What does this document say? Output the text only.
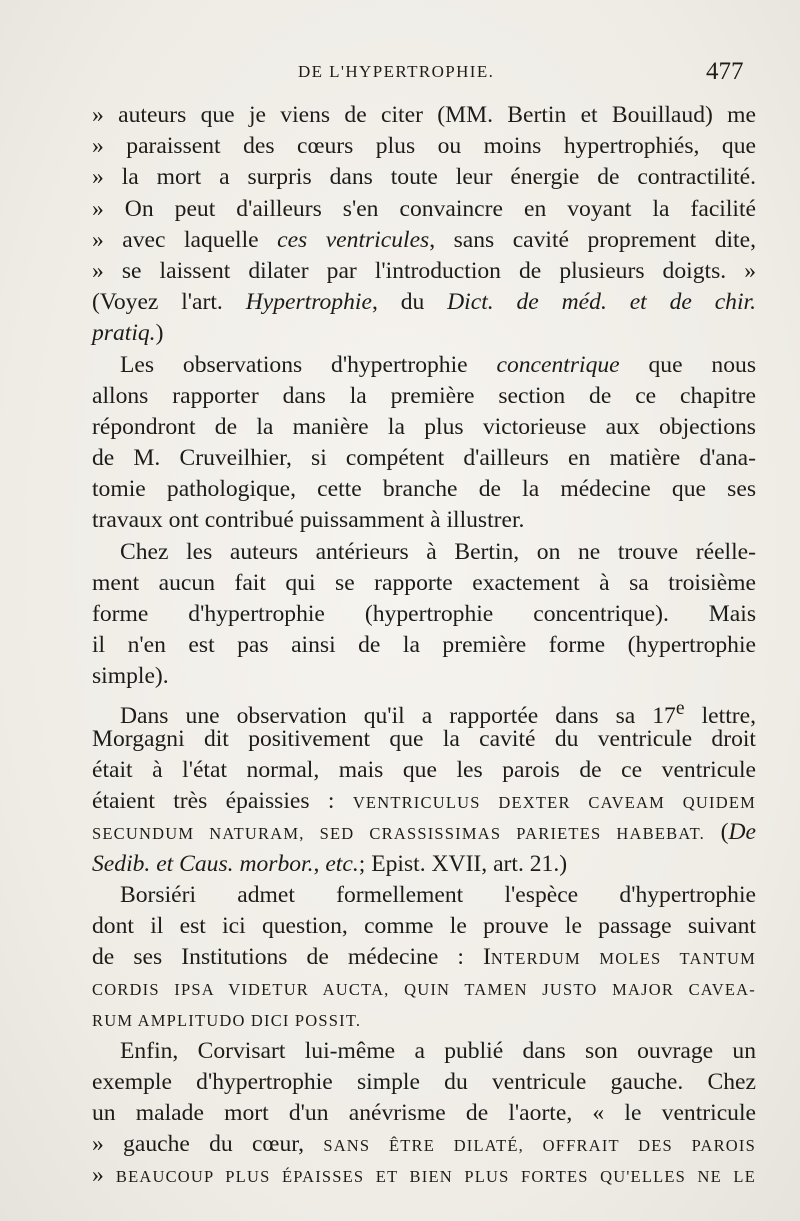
DE L'HYPERTROPHIE.	477
» auteurs que je viens de citer (MM. Bertin et Bouillaud) me
» paraissent des cœurs plus ou moins hypertrophiés, que
» la mort a surpris dans toute leur énergie de contractilité.
» On peut d'ailleurs s'en convaincre en voyant la facilité
» avec laquelle ces ventricules, sans cavité proprement dite,
» se laissent dilater par l'introduction de plusieurs doigts. »
(Voyez l'art. Hypertrophie, du Dict. de méd. et de chir.
pratiq.)
Les observations d'hypertrophie concentrique que nous
allons rapporter dans la première section de ce chapitre
répondront de la manière la plus victorieuse aux objections
de M. Cruveilhier, si compétent d'ailleurs en matière d'ana-
tomie pathologique, cette branche de la médecine que ses
travaux ont contribué puissamment à illustrer.
Chez les auteurs antérieurs à Bertin, on ne trouve réelle-
ment aucun fait qui se rapporte exactement à sa troisième
forme d'hypertrophie (hypertrophie concentrique). Mais
il n'en est pas ainsi de la première forme (hypertrophie
simple).
Dans une observation qu'il a rapportée dans sa 17e lettre,
Morgagni dit positivement que la cavité du ventricule droit
était à l'état normal, mais que les parois de ce ventricule
étaient très épaissies : VENTRICULUS DEXTER CAVEAM QUIDEM
SECUNDUM NATURAM, SED CRASSISSIMAS PARIETES HABEBAT. (De
Sedib. et Caus. morbor., etc.; Epist. XVII, art. 21.)
Borsiéri admet formellement l'espèce d'hypertrophie
dont il est ici question, comme le prouve le passage suivant
de ses Institutions de médecine : INTERDUM MOLES TANTUM
CORDIS IPSA VIDETUR AUCTA, QUIN TAMEN JUSTO MAJOR CAVEA-
RUM AMPLITUDO DICI POSSIT.
Enfin, Corvisart lui-même a publié dans son ouvrage un
exemple d'hypertrophie simple du ventricule gauche. Chez
un malade mort d'un anévrisme de l'aorte, « le ventricule
» gauche du cœur, SANS ÊTRE DILATÉ, OFFRAIT DES PAROIS
» BEAUCOUP PLUS ÉPAISSES ET BIEN PLUS FORTES QU'ELLES NE LE
